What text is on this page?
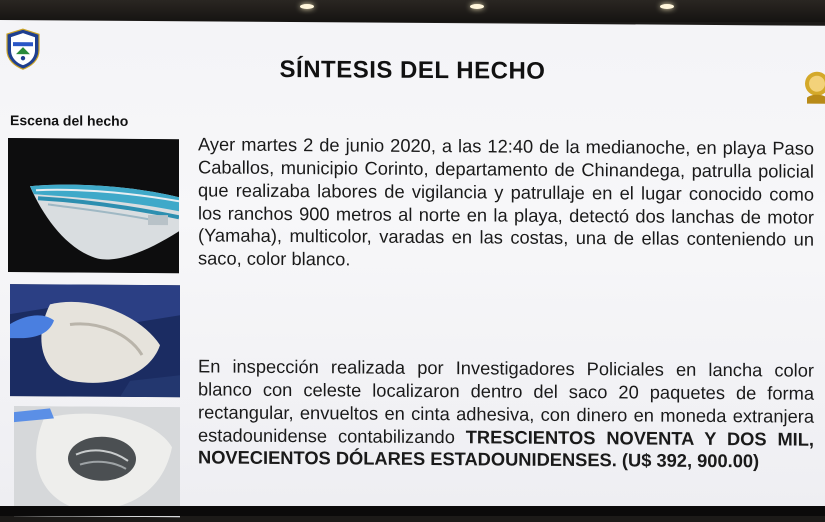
SÍNTESIS DEL HECHO
Escena del hecho

Ayer martes 2 de junio 2020, a las 12:40 de la medianoche, en playa Paso Caballos, municipio Corinto, departamento de Chinandega, patrulla policial que realizaba labores de vigilancia y patrullaje en el lugar conocido como los ranchos 900 metros al norte en la playa, detectó dos lanchas de motor (Yamaha), multicolor, varadas en las costas, una de ellas conteniendo un saco, color blanco.

En inspección realizada por Investigadores Policiales en lancha color blanco con celeste localizaron dentro del saco 20 paquetes de forma rectangular, envueltos en cinta adhesiva, con dinero en moneda extranjera estadounidense contabilizando TRESCIENTOS NOVENTA Y DOS MIL, NOVECIENTOS DÓLARES ESTADOUNIDENSES. (U$ 392, 900.00)
